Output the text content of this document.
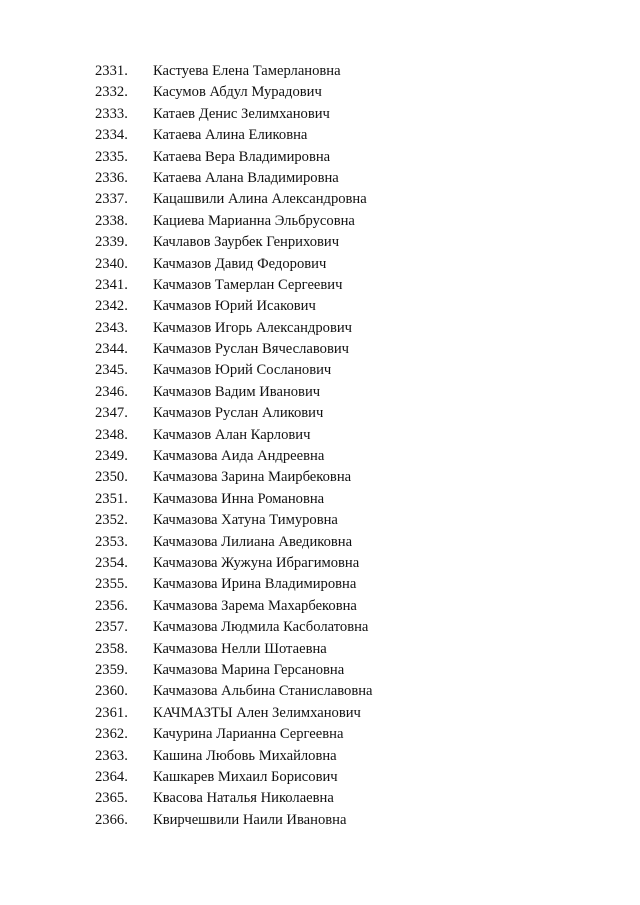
2331. Кастуева Елена Тамерлановна
2332. Касумов Абдул Мурадович
2333. Катаев Денис Зелимханович
2334. Катаева Алина Еликовна
2335. Катаева Вера Владимировна
2336. Катаева Алана Владимировна
2337. Кацашвили Алина Александровна
2338. Кациева Марианна Эльбрусовна
2339. Качлавов Заурбек Генрихович
2340. Качмазов Давид Федорович
2341. Качмазов Тамерлан Сергеевич
2342. Качмазов Юрий Исакович
2343. Качмазов Игорь Александрович
2344. Качмазов Руслан Вячеславович
2345. Качмазов Юрий Сосланович
2346. Качмазов Вадим Иванович
2347. Качмазов Руслан Аликович
2348. Качмазов Алан Карлович
2349. Качмазова Аида Андреевна
2350. Качмазова Зарина Маирбековна
2351. Качмазова Инна Романовна
2352. Качмазова Хатуна Тимуровна
2353. Качмазова Лилиана Аведиковна
2354. Качмазова Жужуна Ибрагимовна
2355. Качмазова Ирина Владимировна
2356. Качмазова Зарема Махарбековна
2357. Качмазова Людмила Касболатовна
2358. Качмазова Нелли Шотаевна
2359. Качмазова Марина Герсановна
2360. Качмазова Альбина Станиславовна
2361. КАЧМАЗТЫ Ален Зелимханович
2362. Качурина Ларианна Сергеевна
2363. Кашина Любовь Михайловна
2364. Кашкарев Михаил Борисович
2365. Квасова Наталья Николаевна
2366. Квирчешвили Наили Ивановна
